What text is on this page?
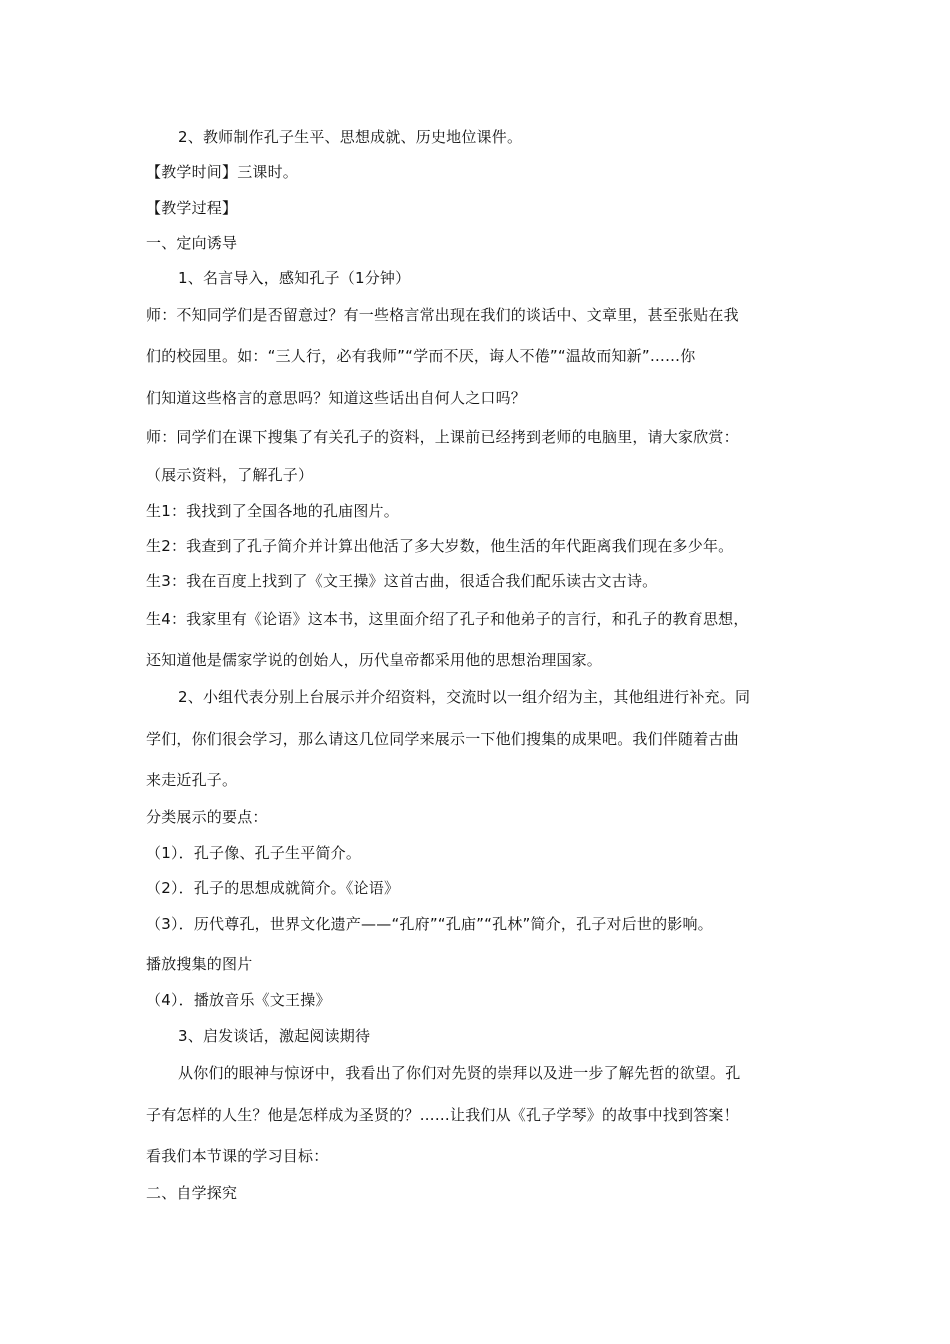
2、教师制作孔子生平、思想成就、历史地位课件。
【教学时间】三课时。
【教学过程】
一、定向诱导
1、名言导入，感知孔子（1分钟）
师：不知同学们是否留意过？有一些格言常出现在我们的谈话中、文章里，甚至张贴在我
们的校园里。如：“三人行，必有我师”“学而不厌，诲人不倦”“温故而知新”……你
们知道这些格言的意思吗？知道这些话出自何人之口吗？
师：同学们在课下搜集了有关孔子的资料，上课前已经拷到老师的电脑里，请大家欣赏：
（展示资料，了解孔子）
生1：我找到了全国各地的孔庙图片。
生2：我查到了孔子简介并计算出他活了多大岁数，他生活的年代距离我们现在多少年。
生3：我在百度上找到了《文王操》这首古曲，很适合我们配乐读古文古诗。
生4：我家里有《论语》这本书，这里面介绍了孔子和他弟子的言行，和孔子的教育思想，
还知道他是儒家学说的创始人，历代皇帝都采用他的思想治理国家。
2、小组代表分别上台展示并介绍资料，交流时以一组介绍为主，其他组进行补充。同
学们，你们很会学习，那么请这几位同学来展示一下他们搜集的成果吧。我们伴随着古曲
来走近孔子。
分类展示的要点：
（1）．孔子像、孔子生平简介。
（2）．孔子的思想成就简介。《论语》
（3）．历代尊孔，世界文化遗产——“孔府”“孔庙”“孔林”简介，孔子对后世的影响。
播放搜集的图片
（4）．播放音乐《文王操》
3、启发谈话，激起阅读期待
从你们的眼神与惊讶中，我看出了你们对先贤的崇拜以及进一步了解先哲的欲望。孔
子有怎样的人生？他是怎样成为圣贤的？……让我们从《孔子学琴》的故事中找到答案！
看我们本节课的学习目标：
二、自学探究
